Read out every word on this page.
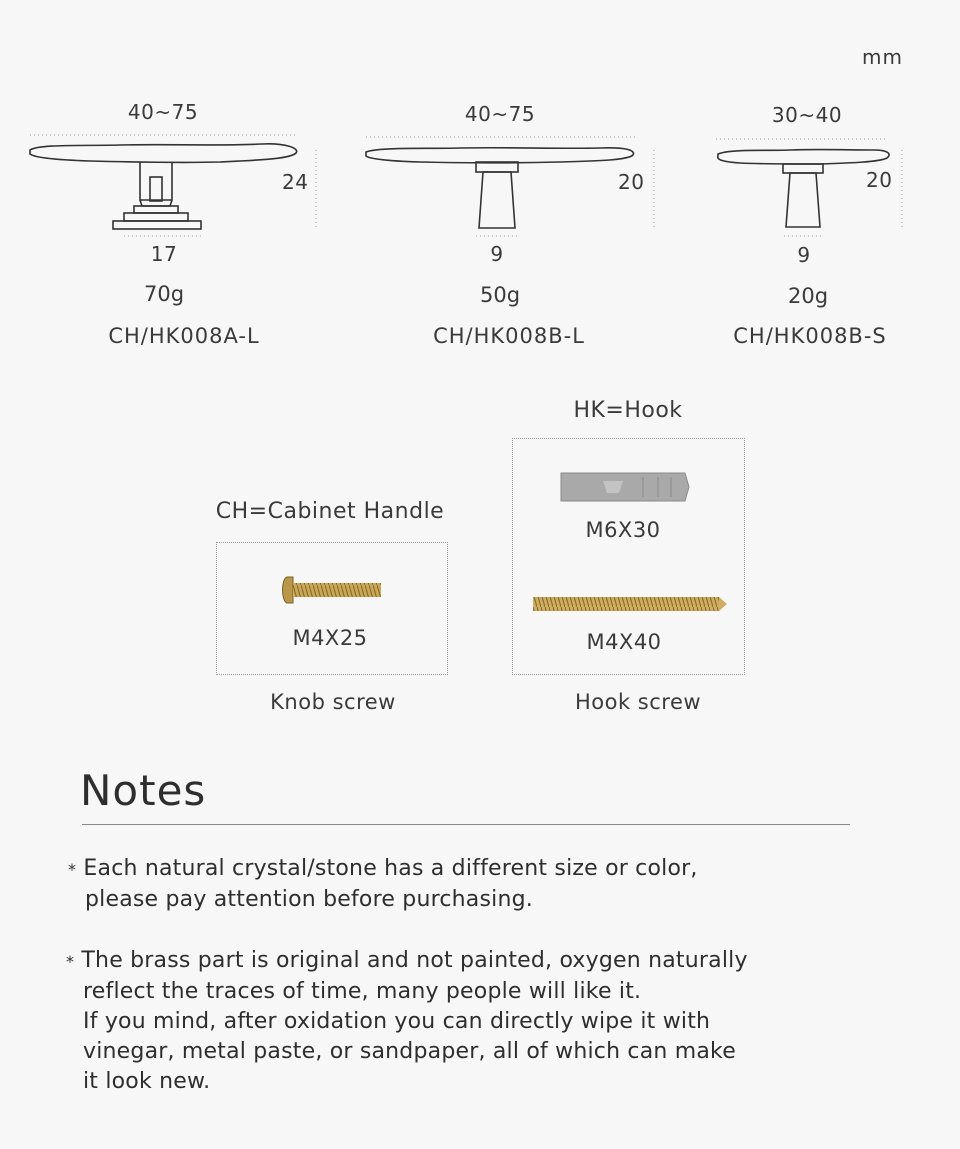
mm
40~75
24
17
70g
CH/HK008A-L
40~75
20
9
50g
CH/HK008B-L
30~40
20
9
20g
CH/HK008B-S
HK=Hook
CH=Cabinet Handle
M4X25
Knob screw
M6X30
M4X40
Hook screw
Notes
* Each natural crystal/stone has a different size or color,
please pay attention before purchasing.
* The brass part is original and not painted, oxygen naturally
reflect the traces of time, many people will like it.
If you mind, after oxidation you can directly wipe it with
vinegar, metal paste, or sandpaper, all of which can make
it look new.
